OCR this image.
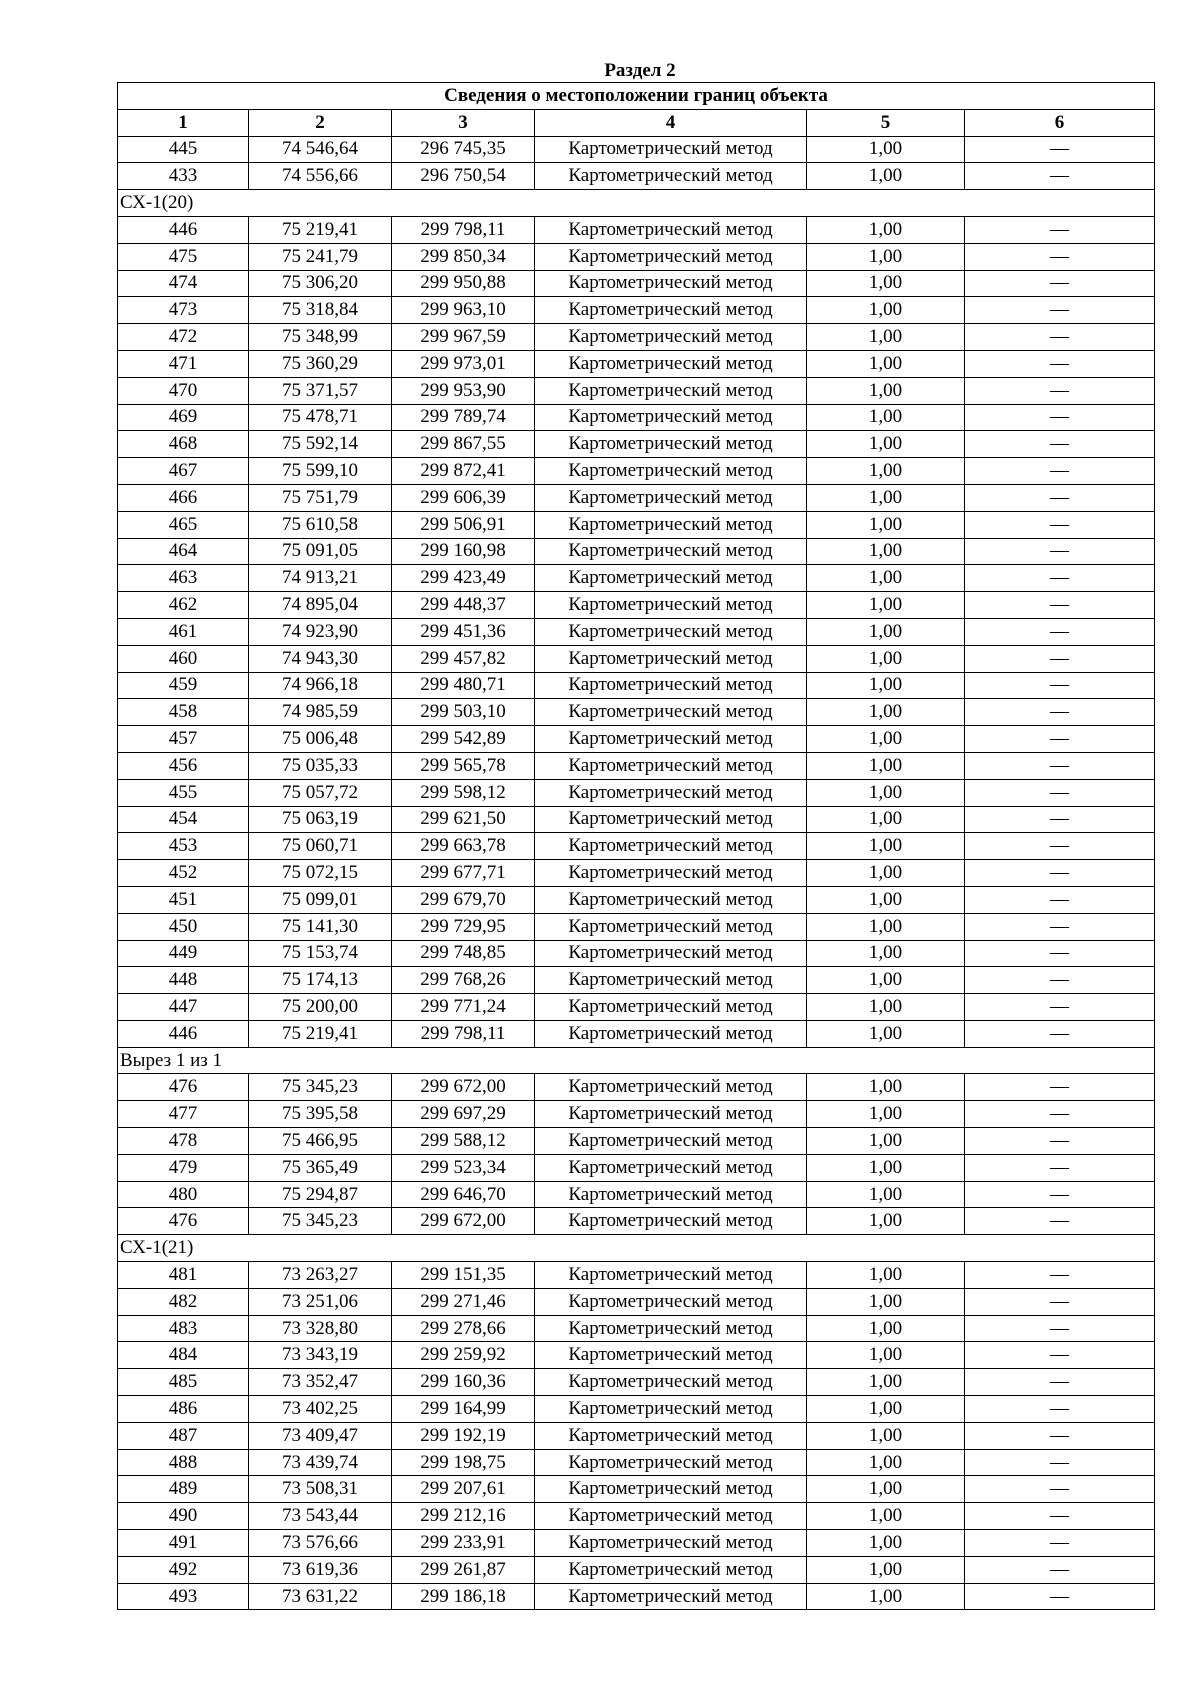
Раздел 2
Сведения о местоположении границ объекта					
1	2	3	4	5	6
445	74 546,64	296 745,35	Картометрический метод	1,00	—
433	74 556,66	296 750,54	Картометрический метод	1,00	—
СХ-1(20)					
446	75 219,41	299 798,11	Картометрический метод	1,00	—
475	75 241,79	299 850,34	Картометрический метод	1,00	—
474	75 306,20	299 950,88	Картометрический метод	1,00	—
473	75 318,84	299 963,10	Картометрический метод	1,00	—
472	75 348,99	299 967,59	Картометрический метод	1,00	—
471	75 360,29	299 973,01	Картометрический метод	1,00	—
470	75 371,57	299 953,90	Картометрический метод	1,00	—
469	75 478,71	299 789,74	Картометрический метод	1,00	—
468	75 592,14	299 867,55	Картометрический метод	1,00	—
467	75 599,10	299 872,41	Картометрический метод	1,00	—
466	75 751,79	299 606,39	Картометрический метод	1,00	—
465	75 610,58	299 506,91	Картометрический метод	1,00	—
464	75 091,05	299 160,98	Картометрический метод	1,00	—
463	74 913,21	299 423,49	Картометрический метод	1,00	—
462	74 895,04	299 448,37	Картометрический метод	1,00	—
461	74 923,90	299 451,36	Картометрический метод	1,00	—
460	74 943,30	299 457,82	Картометрический метод	1,00	—
459	74 966,18	299 480,71	Картометрический метод	1,00	—
458	74 985,59	299 503,10	Картометрический метод	1,00	—
457	75 006,48	299 542,89	Картометрический метод	1,00	—
456	75 035,33	299 565,78	Картометрический метод	1,00	—
455	75 057,72	299 598,12	Картометрический метод	1,00	—
454	75 063,19	299 621,50	Картометрический метод	1,00	—
453	75 060,71	299 663,78	Картометрический метод	1,00	—
452	75 072,15	299 677,71	Картометрический метод	1,00	—
451	75 099,01	299 679,70	Картометрический метод	1,00	—
450	75 141,30	299 729,95	Картометрический метод	1,00	—
449	75 153,74	299 748,85	Картометрический метод	1,00	—
448	75 174,13	299 768,26	Картометрический метод	1,00	—
447	75 200,00	299 771,24	Картометрический метод	1,00	—
446	75 219,41	299 798,11	Картометрический метод	1,00	—
Вырез 1 из 1					
476	75 345,23	299 672,00	Картометрический метод	1,00	—
477	75 395,58	299 697,29	Картометрический метод	1,00	—
478	75 466,95	299 588,12	Картометрический метод	1,00	—
479	75 365,49	299 523,34	Картометрический метод	1,00	—
480	75 294,87	299 646,70	Картометрический метод	1,00	—
476	75 345,23	299 672,00	Картометрический метод	1,00	—
СХ-1(21)					
481	73 263,27	299 151,35	Картометрический метод	1,00	—
482	73 251,06	299 271,46	Картометрический метод	1,00	—
483	73 328,80	299 278,66	Картометрический метод	1,00	—
484	73 343,19	299 259,92	Картометрический метод	1,00	—
485	73 352,47	299 160,36	Картометрический метод	1,00	—
486	73 402,25	299 164,99	Картометрический метод	1,00	—
487	73 409,47	299 192,19	Картометрический метод	1,00	—
488	73 439,74	299 198,75	Картометрический метод	1,00	—
489	73 508,31	299 207,61	Картометрический метод	1,00	—
490	73 543,44	299 212,16	Картометрический метод	1,00	—
491	73 576,66	299 233,91	Картометрический метод	1,00	—
492	73 619,36	299 261,87	Картометрический метод	1,00	—
493	73 631,22	299 186,18	Картометрический метод	1,00	—
